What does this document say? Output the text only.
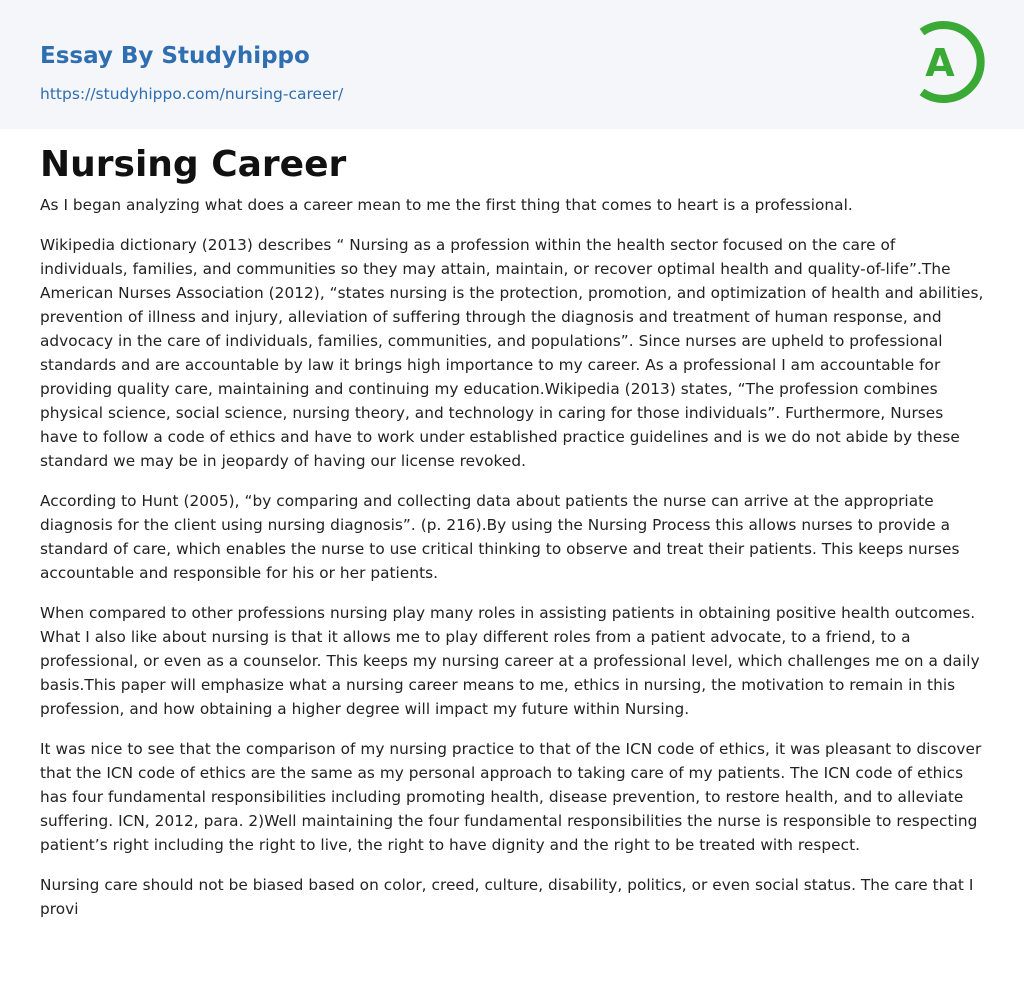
Essay By Studyhippo
https://studyhippo.com/nursing-career/
A
Nursing Career

As I began analyzing what does a career mean to me the first thing that comes to heart is a professional.

Wikipedia dictionary (2013) describes “ Nursing as a profession within the health sector focused on the care of individuals, families, and communities so they may attain, maintain, or recover optimal health and quality-of-life”.The American Nurses Association (2012), “states nursing is the protection, promotion, and optimization of health and abilities, prevention of illness and injury, alleviation of suffering through the diagnosis and treatment of human response, and advocacy in the care of individuals, families, communities, and populations”. Since nurses are upheld to professional standards and are accountable by law it brings high importance to my career. As a professional I am accountable for providing quality care, maintaining and continuing my education.Wikipedia (2013) states, “The profession combines physical science, social science, nursing theory, and technology in caring for those individuals”. Furthermore, Nurses have to follow a code of ethics and have to work under established practice guidelines and is we do not abide by these standard we may be in jeopardy of having our license revoked.

According to Hunt (2005), “by comparing and collecting data about patients the nurse can arrive at the appropriate diagnosis for the client using nursing diagnosis”. (p. 216).By using the Nursing Process this allows nurses to provide a standard of care, which enables the nurse to use critical thinking to observe and treat their patients. This keeps nurses accountable and responsible for his or her patients.

When compared to other professions nursing play many roles in assisting patients in obtaining positive health outcomes. What I also like about nursing is that it allows me to play different roles from a patient advocate, to a friend, to a professional, or even as a counselor. This keeps my nursing career at a professional level, which challenges me on a daily basis.This paper will emphasize what a nursing career means to me, ethics in nursing, the motivation to remain in this profession, and how obtaining a higher degree will impact my future within Nursing.

It was nice to see that the comparison of my nursing practice to that of the ICN code of ethics, it was pleasant to discover that the ICN code of ethics are the same as my personal approach to taking care of my patients. The ICN code of ethics has four fundamental responsibilities including promoting health, disease prevention, to restore health, and to alleviate suffering. ICN, 2012, para. 2)Well maintaining the four fundamental responsibilities the nurse is responsible to respecting patient’s right including the right to live, the right to have dignity and the right to be treated with respect.

Nursing care should not be biased based on color, creed, culture, disability, politics, or even social status. The care that I provi
